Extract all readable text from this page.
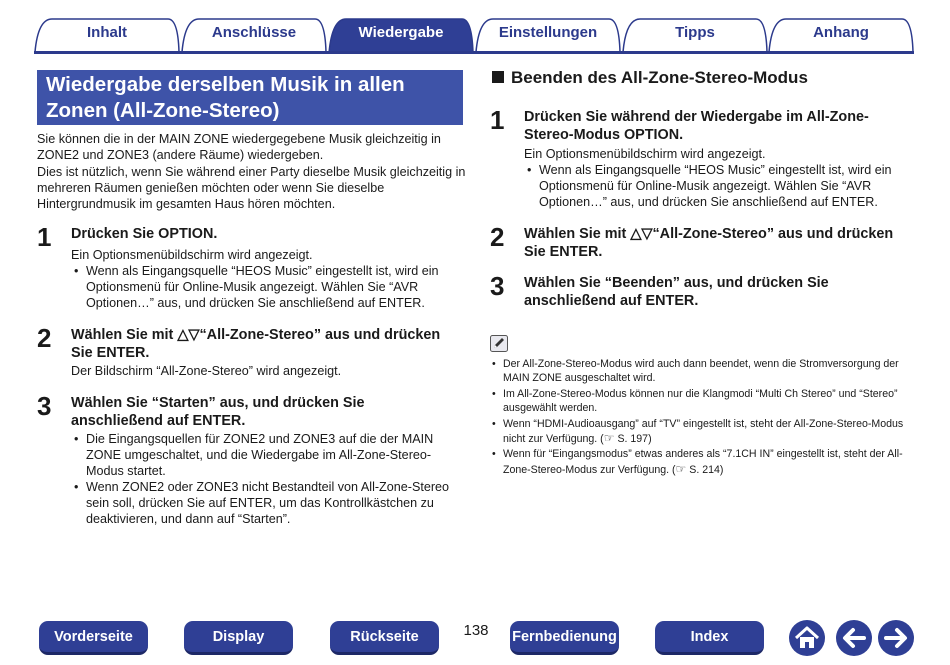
Inhalt	Anschlüsse	Wiedergabe	Einstellungen	Tipps	Anhang
Wiedergabe derselben Musik in allen
Zonen (All-Zone-Stereo)

Sie können die in der MAIN ZONE wiedergegebene Musik gleichzeitig in ZONE2 und ZONE3 (andere Räume) wiedergeben.

Dies ist nützlich, wenn Sie während einer Party dieselbe Musik gleichzeitig in mehreren Räumen genießen möchten oder wenn Sie dieselbe Hintergrundmusik im gesamten Haus hören möchten.

1 Drücken Sie OPTION.
Ein Optionsmenübildschirm wird angezeigt.
• Wenn als Eingangsquelle “HEOS Music” eingestellt ist, wird ein Optionsmenü für Online-Musik angezeigt. Wählen Sie “AVR Optionen…” aus, und drücken Sie anschließend auf ENTER.
2 Wählen Sie mit △▽“All-Zone-Stereo” aus und drücken Sie ENTER.
Der Bildschirm “All-Zone-Stereo” wird angezeigt.
3 Wählen Sie “Starten” aus, und drücken Sie anschließend auf ENTER.
• Die Eingangsquellen für ZONE2 und ZONE3 auf die der MAIN ZONE umgeschaltet, und die Wiedergabe im All-Zone-Stereo-Modus startet.
• Wenn ZONE2 oder ZONE3 nicht Bestandteil von All-Zone-Stereo sein soll, drücken Sie auf ENTER, um das Kontrollkästchen zu deaktivieren, und dann auf “Starten”.
Beenden des All-Zone-Stereo-Modus
1 Drücken Sie während der Wiedergabe im All-Zone-Stereo-Modus OPTION.
Ein Optionsmenübildschirm wird angezeigt.
• Wenn als Eingangsquelle “HEOS Music” eingestellt ist, wird ein Optionsmenü für Online-Musik angezeigt. Wählen Sie “AVR Optionen…” aus, und drücken Sie anschließend auf ENTER.
2 Wählen Sie mit △▽“All-Zone-Stereo” aus und drücken Sie ENTER.
3 Wählen Sie “Beenden” aus, und drücken Sie anschließend auf ENTER.
• Der All-Zone-Stereo-Modus wird auch dann beendet, wenn die Stromversorgung der MAIN ZONE ausgeschaltet wird.
• Im All-Zone-Stereo-Modus können nur die Klangmodi “Multi Ch Stereo” und “Stereo” ausgewählt werden.
• Wenn “HDMI-Audioausgang” auf “TV” eingestellt ist, steht der All-Zone-Stereo-Modus nicht zur Verfügung. (☞ S. 197)
• Wenn für “Eingangsmodus” etwas anderes als “7.1CH IN” eingestellt ist, steht der All-Zone-Stereo-Modus zur Verfügung. (☞ S. 214)
Vorderseite	Display	Rückseite	138	Fernbedienung	Index
